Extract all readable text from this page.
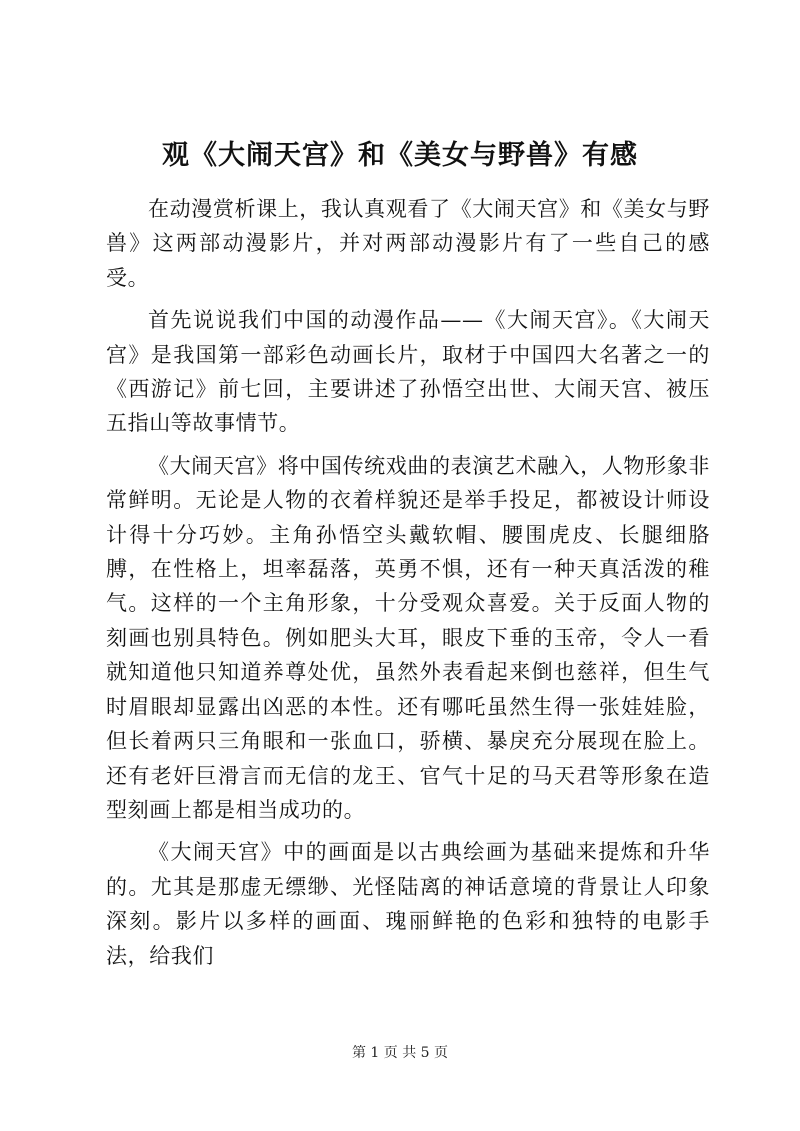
观《大闹天宫》和《美女与野兽》有感

在动漫赏析课上，我认真观看了《大闹天宫》和《美女与野兽》这两部动漫影片，并对两部动漫影片有了一些自己的感受。

首先说说我们中国的动漫作品——《大闹天宫》。《大闹天宫》是我国第一部彩色动画长片，取材于中国四大名著之一的《西游记》前七回，主要讲述了孙悟空出世、大闹天宫、被压五指山等故事情节。

《大闹天宫》将中国传统戏曲的表演艺术融入，人物形象非常鲜明。无论是人物的衣着样貌还是举手投足，都被设计师设计得十分巧妙。主角孙悟空头戴软帽、腰围虎皮、长腿细胳膊，在性格上，坦率磊落，英勇不惧，还有一种天真活泼的稚气。这样的一个主角形象，十分受观众喜爱。关于反面人物的刻画也别具特色。例如肥头大耳，眼皮下垂的玉帝，令人一看就知道他只知道养尊处优，虽然外表看起来倒也慈祥，但生气时眉眼却显露出凶恶的本性。还有哪吒虽然生得一张娃娃脸，但长着两只三角眼和一张血口，骄横、暴戾充分展现在脸上。还有老奸巨滑言而无信的龙王、官气十足的马天君等形象在造型刻画上都是相当成功的。

《大闹天宫》中的画面是以古典绘画为基础来提炼和升华的。尤其是那虚无缥缈、光怪陆离的神话意境的背景让人印象深刻。影片以多样的画面、瑰丽鲜艳的色彩和独特的电影手法，给我们

第 1 页 共 5 页
